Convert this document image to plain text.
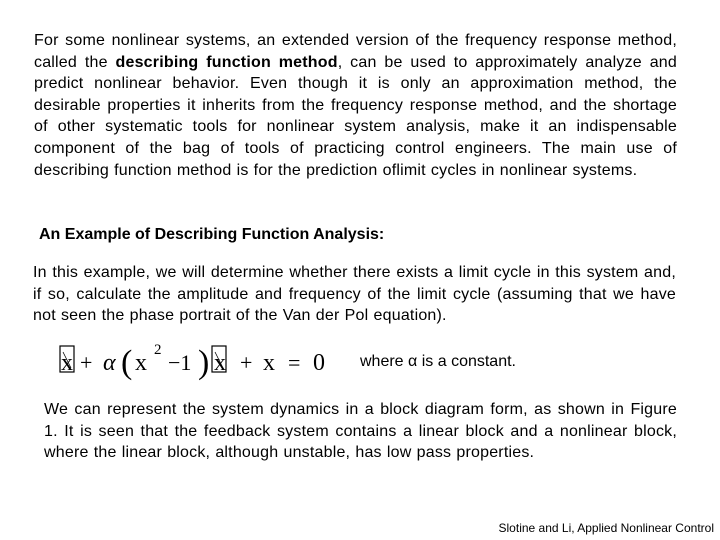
For some nonlinear systems, an extended version of the frequency response method, called the describing function method, can be used to approximately analyze and predict nonlinear behavior. Even though it is only an approximation method, the desirable properties it inherits from the frequency response method, and the shortage of other systematic tools for nonlinear system analysis, make it an indispensable component of the bag of tools of practicing control engineers. The main use of describing function method is for the prediction oflimit cycles in nonlinear systems.
An Example of Describing Function Analysis:
In this example, we will determine whether there exists a limit cycle in this system and, if so, calculate the amplitude and frequency of the limit cycle (assuming that we have not seen the phase portrait of the Van der Pol equation).
x + α ( x 2 −1 ) x + x = 0 where α is a constant.
We can represent the system dynamics in a block diagram form, as shown in Figure 1. It is seen that the feedback system contains a linear block and a nonlinear block, where the linear block, although unstable, has low pass properties.
Slotine and Li, Applied Nonlinear Control
